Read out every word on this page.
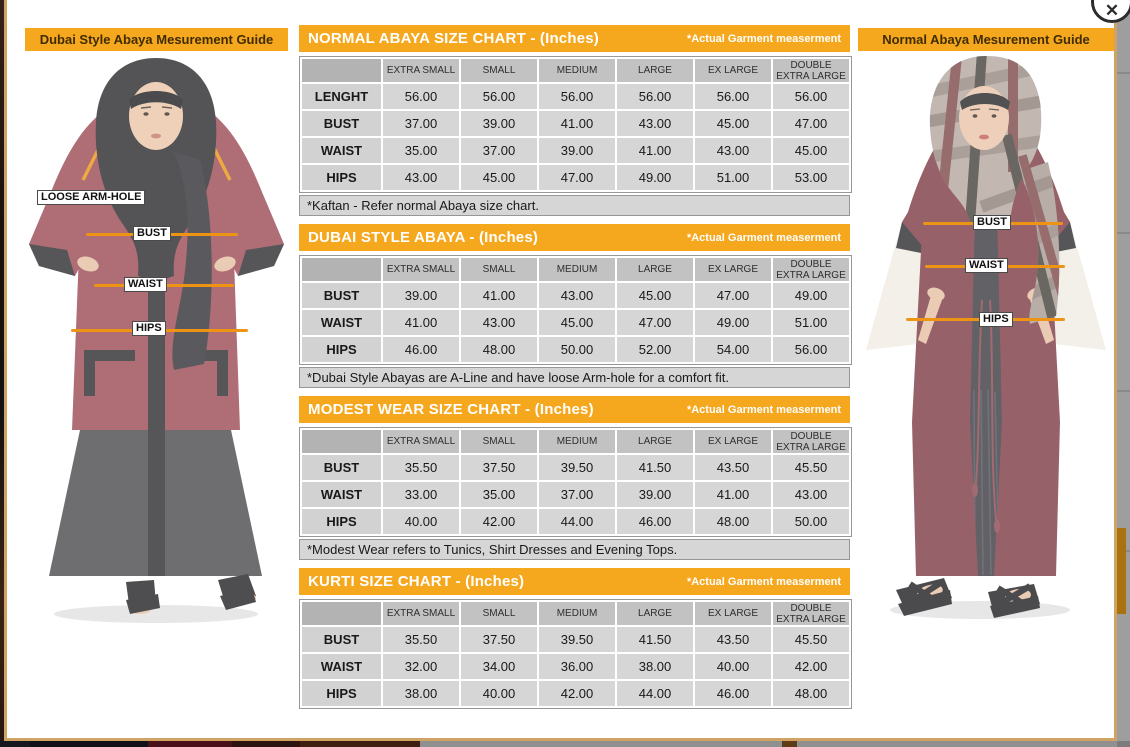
✕
Dubai Style Abaya Mesurement Guide	Normal Abaya Mesurement Guide
LOOSE ARM-HOLE
BUST
WAIST
HIPS
BUST
WAIST
HIPS
NORMAL ABAYA SIZE CHART - (Inches)	*Actual Garment measerment
	EXTRA SMALL	SMALL	MEDIUM	LARGE	EX LARGE	DOUBLE EXTRA LARGE
LENGHT	56.00	56.00	56.00	56.00	56.00	56.00
BUST	37.00	39.00	41.00	43.00	45.00	47.00
WAIST	35.00	37.00	39.00	41.00	43.00	45.00
HIPS	43.00	45.00	47.00	49.00	51.00	53.00
*Kaftan - Refer normal Abaya size chart.
DUBAI STYLE ABAYA - (Inches)	*Actual Garment measerment
	EXTRA SMALL	SMALL	MEDIUM	LARGE	EX LARGE	DOUBLE EXTRA LARGE
BUST	39.00	41.00	43.00	45.00	47.00	49.00
WAIST	41.00	43.00	45.00	47.00	49.00	51.00
HIPS	46.00	48.00	50.00	52.00	54.00	56.00
*Dubai Style Abayas are A-Line and have loose Arm-hole for a comfort fit.
MODEST WEAR SIZE CHART - (Inches)	*Actual Garment measerment
	EXTRA SMALL	SMALL	MEDIUM	LARGE	EX LARGE	DOUBLE EXTRA LARGE
BUST	35.50	37.50	39.50	41.50	43.50	45.50
WAIST	33.00	35.00	37.00	39.00	41.00	43.00
HIPS	40.00	42.00	44.00	46.00	48.00	50.00
*Modest Wear refers to Tunics, Shirt Dresses and Evening Tops.
KURTI SIZE CHART - (Inches)	*Actual Garment measerment
	EXTRA SMALL	SMALL	MEDIUM	LARGE	EX LARGE	DOUBLE EXTRA LARGE
BUST	35.50	37.50	39.50	41.50	43.50	45.50
WAIST	32.00	34.00	36.00	38.00	40.00	42.00
HIPS	38.00	40.00	42.00	44.00	46.00	48.00
